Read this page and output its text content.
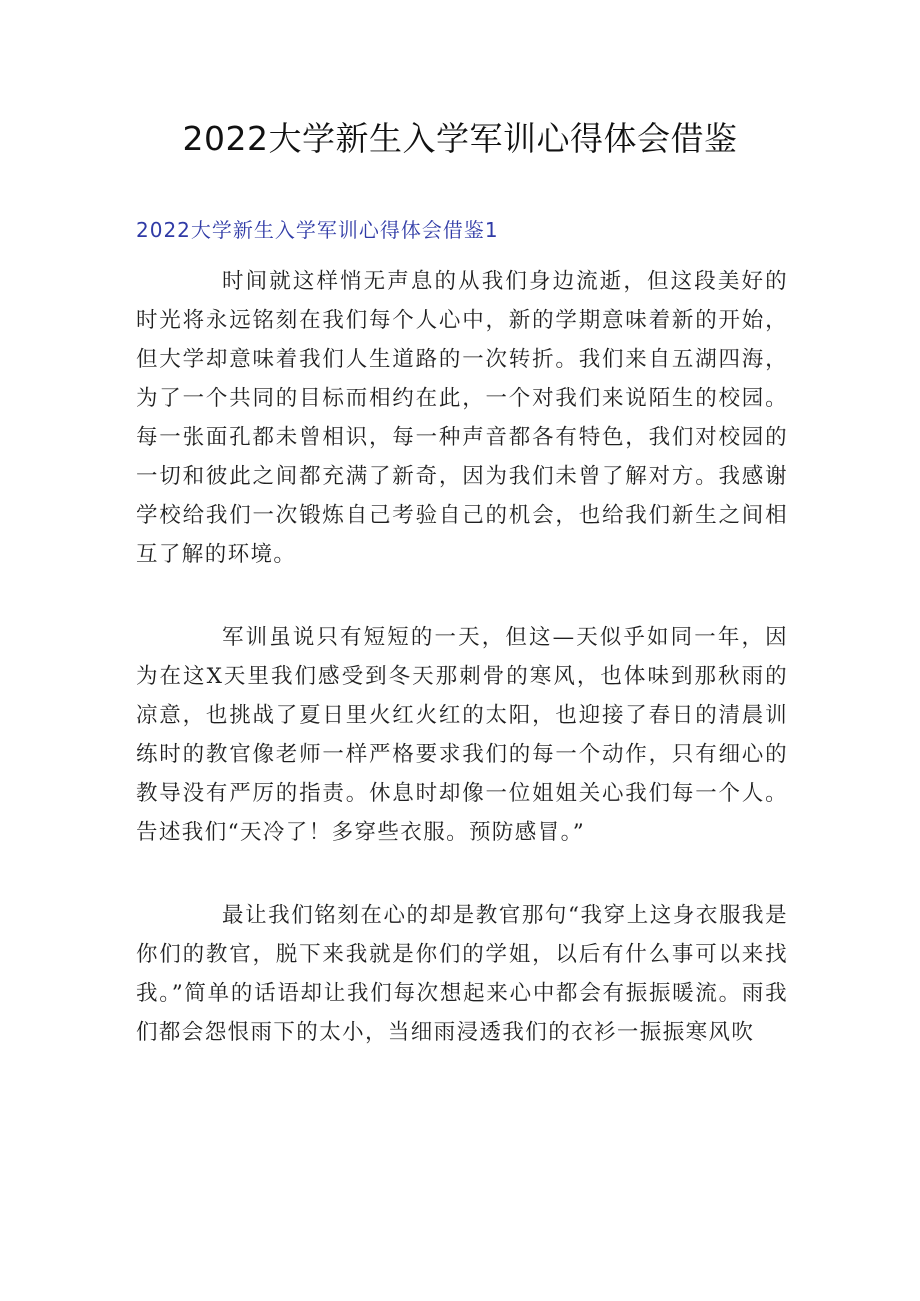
2022大学新生入学军训心得体会借鉴
2022大学新生入学军训心得体会借鉴1

时间就这样悄无声息的从我们身边流逝，但这段美好的时光将永远铭刻在我们每个人心中，新的学期意味着新的开始，但大学却意味着我们人生道路的一次转折。我们来自五湖四海，为了一个共同的目标而相约在此，一个对我们来说陌生的校园。每一张面孔都未曾相识，每一种声音都各有特色，我们对校园的一切和彼此之间都充满了新奇，因为我们未曾了解对方。我感谢学校给我们一次锻炼自己考验自己的机会，也给我们新生之间相互了解的环境。

军训虽说只有短短的一天，但这—天似乎如同一年，因为在这X天里我们感受到冬天那刺骨的寒风，也体味到那秋雨的凉意，也挑战了夏日里火红火红的太阳，也迎接了春日的清晨训练时的教官像老师一样严格要求我们的每一个动作，只有细心的教导没有严厉的指责。休息时却像一位姐姐关心我们每一个人。告述我们“天冷了！多穿些衣服。预防感冒。”

最让我们铭刻在心的却是教官那句“我穿上这身衣服我是你们的教官，脱下来我就是你们的学姐，以后有什么事可以来找我。”简单的话语却让我们每次想起来心中都会有振振暖流。雨我们都会怨恨雨下的太小，当细雨浸透我们的衣衫一振振寒风吹
